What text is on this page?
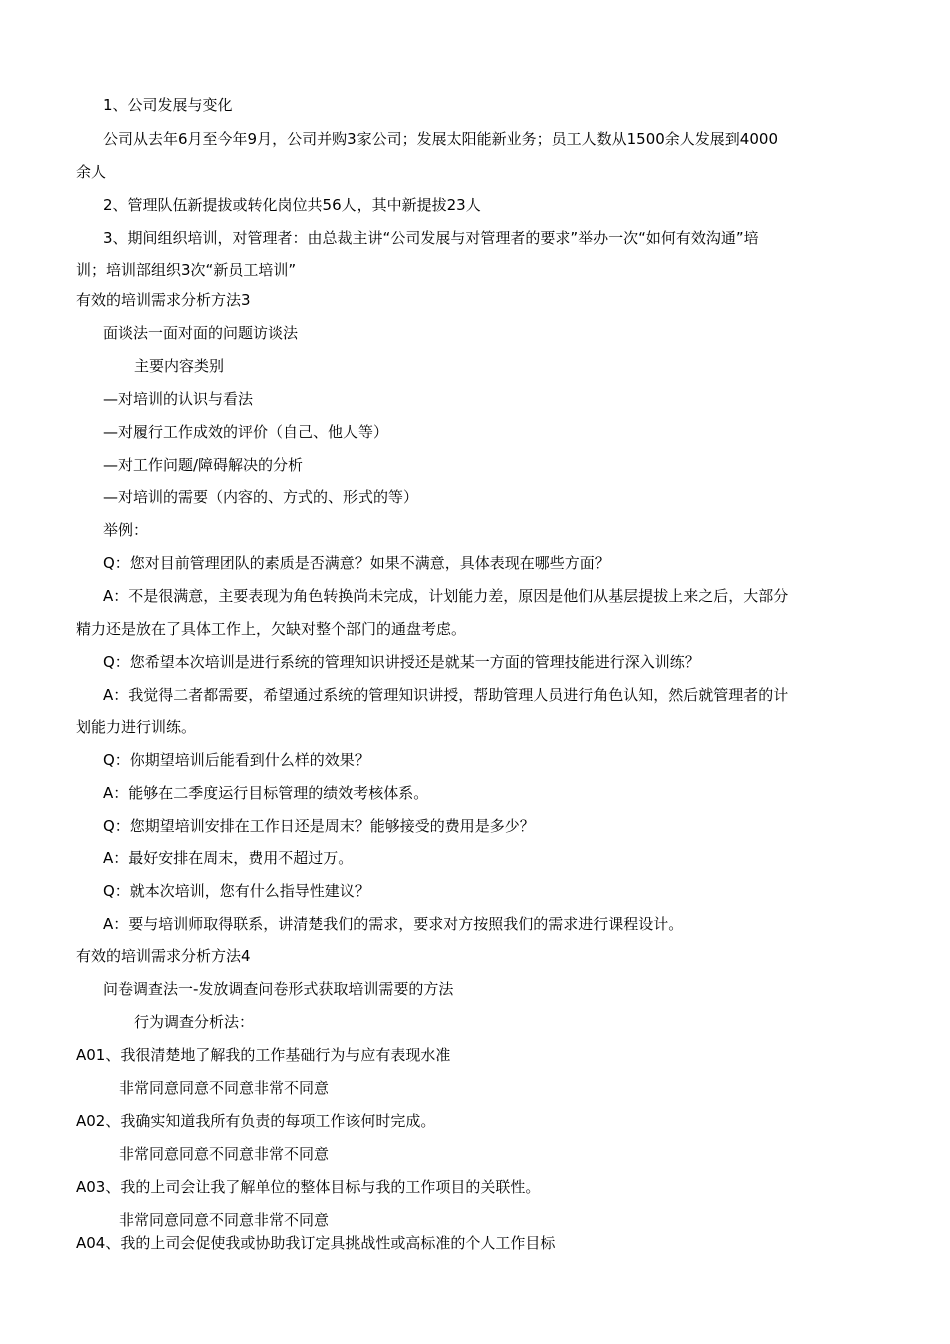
1、公司发展与变化
公司从去年6月至今年9月，公司并购3家公司；发展太阳能新业务；员工人数从1500余人发展到4000
余人
2、管理队伍新提拔或转化岗位共56人，其中新提拔23人
3、期间组织培训，对管理者：由总裁主讲“公司发展与对管理者的要求”举办一次“如何有效沟通”培
训；培训部组织3次“新员工培训”
有效的培训需求分析方法3
面谈法一面对面的问题访谈法
主要内容类别
—对培训的认识与看法
—对履行工作成效的评价（自己、他人等）
—对工作问题/障碍解决的分析
—对培训的需要（内容的、方式的、形式的等）
举例：
Q：您对目前管理团队的素质是否满意？如果不满意，具体表现在哪些方面？
A：不是很满意，主要表现为角色转换尚未完成，计划能力差，原因是他们从基层提拔上来之后，大部分
精力还是放在了具体工作上，欠缺对整个部门的通盘考虑。
Q：您希望本次培训是进行系统的管理知识讲授还是就某一方面的管理技能进行深入训练？
A：我觉得二者都需要，希望通过系统的管理知识讲授，帮助管理人员进行角色认知，然后就管理者的计
划能力进行训练。
Q：你期望培训后能看到什么样的效果？
A：能够在二季度运行目标管理的绩效考核体系。
Q：您期望培训安排在工作日还是周末？能够接受的费用是多少？
A：最好安排在周末，费用不超过万。
Q：就本次培训，您有什么指导性建议？
A：要与培训师取得联系，讲清楚我们的需求，要求对方按照我们的需求进行课程设计。
有效的培训需求分析方法4
问卷调查法一-发放调查问卷形式获取培训需要的方法
行为调查分析法：
A01、我很清楚地了解我的工作基础行为与应有表现水准
非常同意同意不同意非常不同意
A02、我确实知道我所有负责的每项工作该何时完成。
非常同意同意不同意非常不同意
A03、我的上司会让我了解单位的整体目标与我的工作项目的关联性。
非常同意同意不同意非常不同意
A04、我的上司会促使我或协助我订定具挑战性或高标准的个人工作目标
